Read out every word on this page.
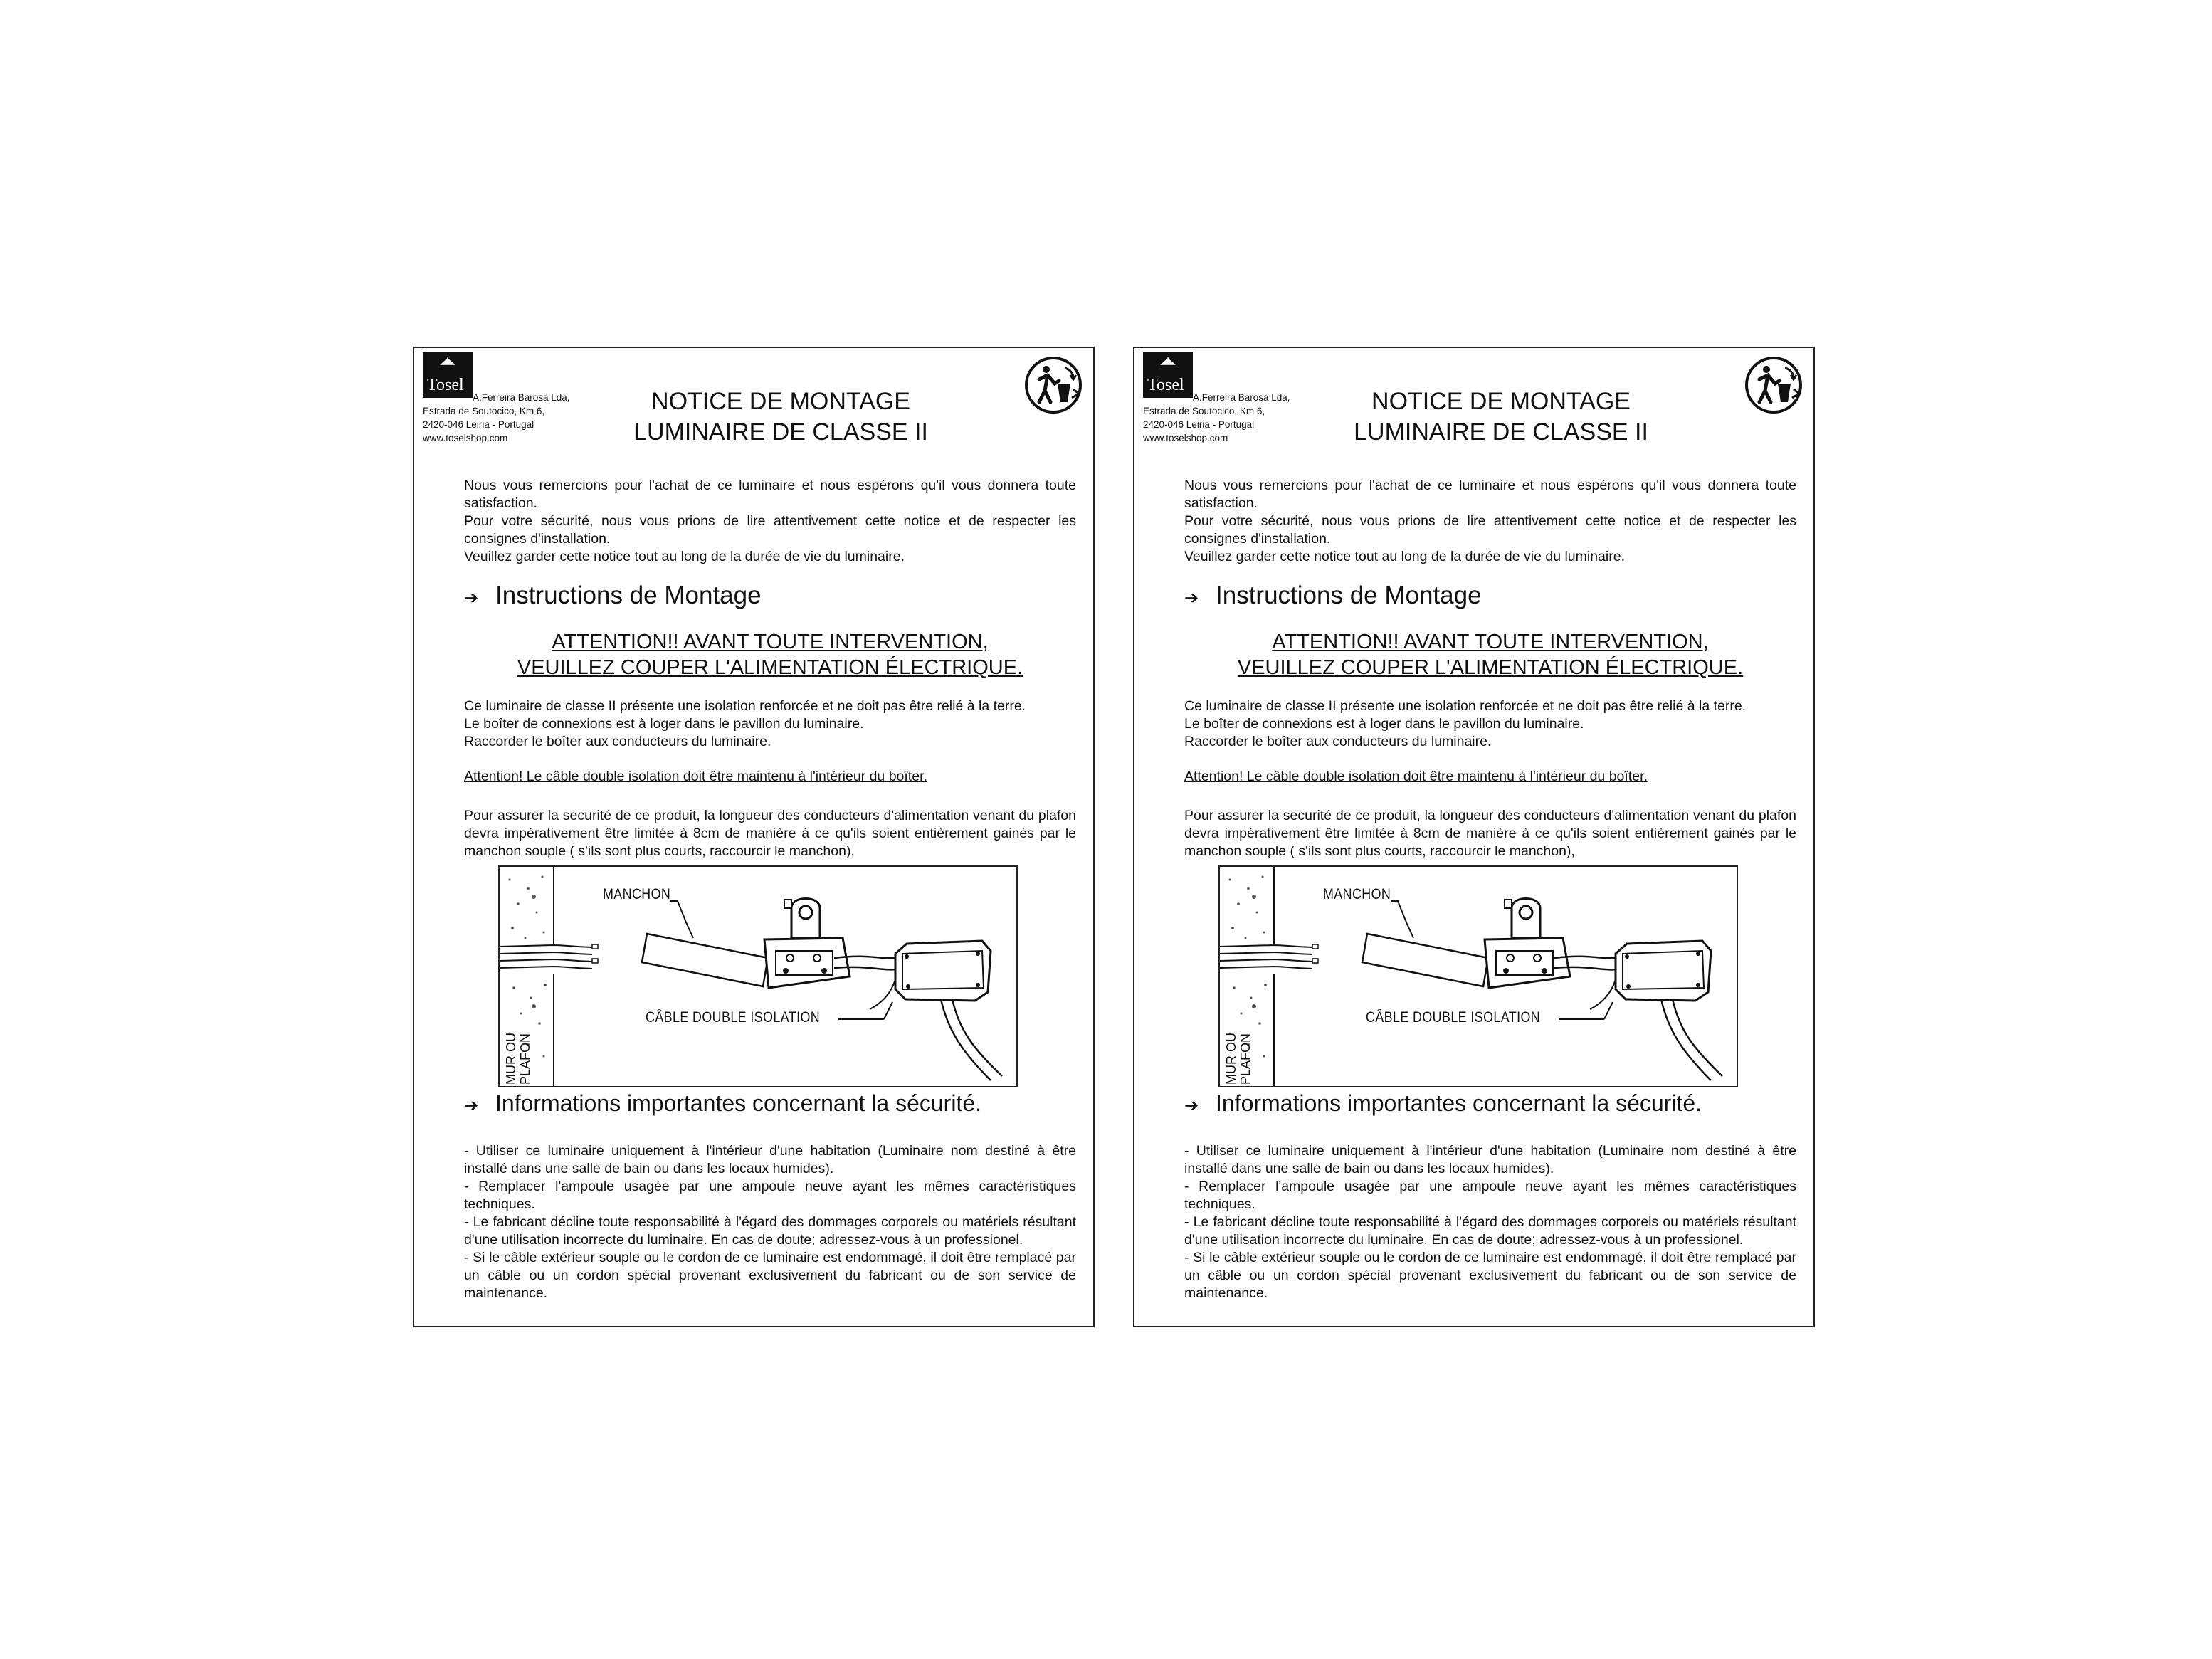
Tosel
A.Ferreira Barosa Lda,
Estrada de Soutocico, Km 6,
2420-046 Leiria - Portugal
www.toselshop.com
NOTICE DE MONTAGE
LUMINAIRE DE CLASSE II

Nous vous remercions pour l'achat de ce luminaire et nous espérons qu'il vous donnera toute satisfaction.

Pour votre sécurité, nous vous prions de lire attentivement cette notice et de respecter les consignes d'installation.

Veuillez garder cette notice tout au long de la durée de vie du luminaire.

➔ Instructions de Montage
ATTENTION!! AVANT TOUTE INTERVENTION,
VEUILLEZ COUPER L'ALIMENTATION ÉLECTRIQUE.

Ce luminaire de classe II présente une isolation renforcée et ne doit pas être relié à la terre.

Le boîter de connexions est à loger dans le pavillon du luminaire.

Raccorder le boîter aux conducteurs du luminaire.

Attention! Le câble double isolation doit être maintenu à l'intérieur du boîter.
Pour assurer la securité de ce produit, la longueur des conducteurs d'alimentation venant du plafon devra impérativement être limitée à 8cm de manière à ce qu'ils soient entièrement gainés par le manchon souple ( s'ils sont plus courts, raccourcir le manchon),
MANCHON
CÂBLE DOUBLE ISOLATION
MUR OU PLAFON
➔ Informations importantes concernant la sécurité.

- Utiliser ce luminaire uniquement à l'intérieur d'une habitation (Luminaire nom destiné à être installé dans une salle de bain ou dans les locaux humides).

- Remplacer l'ampoule usagée par une ampoule neuve ayant les mêmes caractéristiques techniques.

- Le fabricant décline toute responsabilité à l'égard des dommages corporels ou matériels résultant d'une utilisation incorrecte du luminaire. En cas de doute; adressez-vous à un professionel.

- Si le câble extérieur souple ou le cordon de ce luminaire est endommagé, il doit être remplacé par un câble ou un cordon spécial provenant exclusivement du fabricant ou de son service de maintenance.

Tosel
A.Ferreira Barosa Lda,
Estrada de Soutocico, Km 6,
2420-046 Leiria - Portugal
www.toselshop.com
NOTICE DE MONTAGE
LUMINAIRE DE CLASSE II

Nous vous remercions pour l'achat de ce luminaire et nous espérons qu'il vous donnera toute satisfaction.

Pour votre sécurité, nous vous prions de lire attentivement cette notice et de respecter les consignes d'installation.

Veuillez garder cette notice tout au long de la durée de vie du luminaire.

➔ Instructions de Montage
ATTENTION!! AVANT TOUTE INTERVENTION,
VEUILLEZ COUPER L'ALIMENTATION ÉLECTRIQUE.

Ce luminaire de classe II présente une isolation renforcée et ne doit pas être relié à la terre.

Le boîter de connexions est à loger dans le pavillon du luminaire.

Raccorder le boîter aux conducteurs du luminaire.

Attention! Le câble double isolation doit être maintenu à l'intérieur du boîter.
Pour assurer la securité de ce produit, la longueur des conducteurs d'alimentation venant du plafon devra impérativement être limitée à 8cm de manière à ce qu'ils soient entièrement gainés par le manchon souple ( s'ils sont plus courts, raccourcir le manchon),
MANCHON
CÂBLE DOUBLE ISOLATION
MUR OU PLAFON
➔ Informations importantes concernant la sécurité.

- Utiliser ce luminaire uniquement à l'intérieur d'une habitation (Luminaire nom destiné à être installé dans une salle de bain ou dans les locaux humides).

- Remplacer l'ampoule usagée par une ampoule neuve ayant les mêmes caractéristiques techniques.

- Le fabricant décline toute responsabilité à l'égard des dommages corporels ou matériels résultant d'une utilisation incorrecte du luminaire. En cas de doute; adressez-vous à un professionel.

- Si le câble extérieur souple ou le cordon de ce luminaire est endommagé, il doit être remplacé par un câble ou un cordon spécial provenant exclusivement du fabricant ou de son service de maintenance.
